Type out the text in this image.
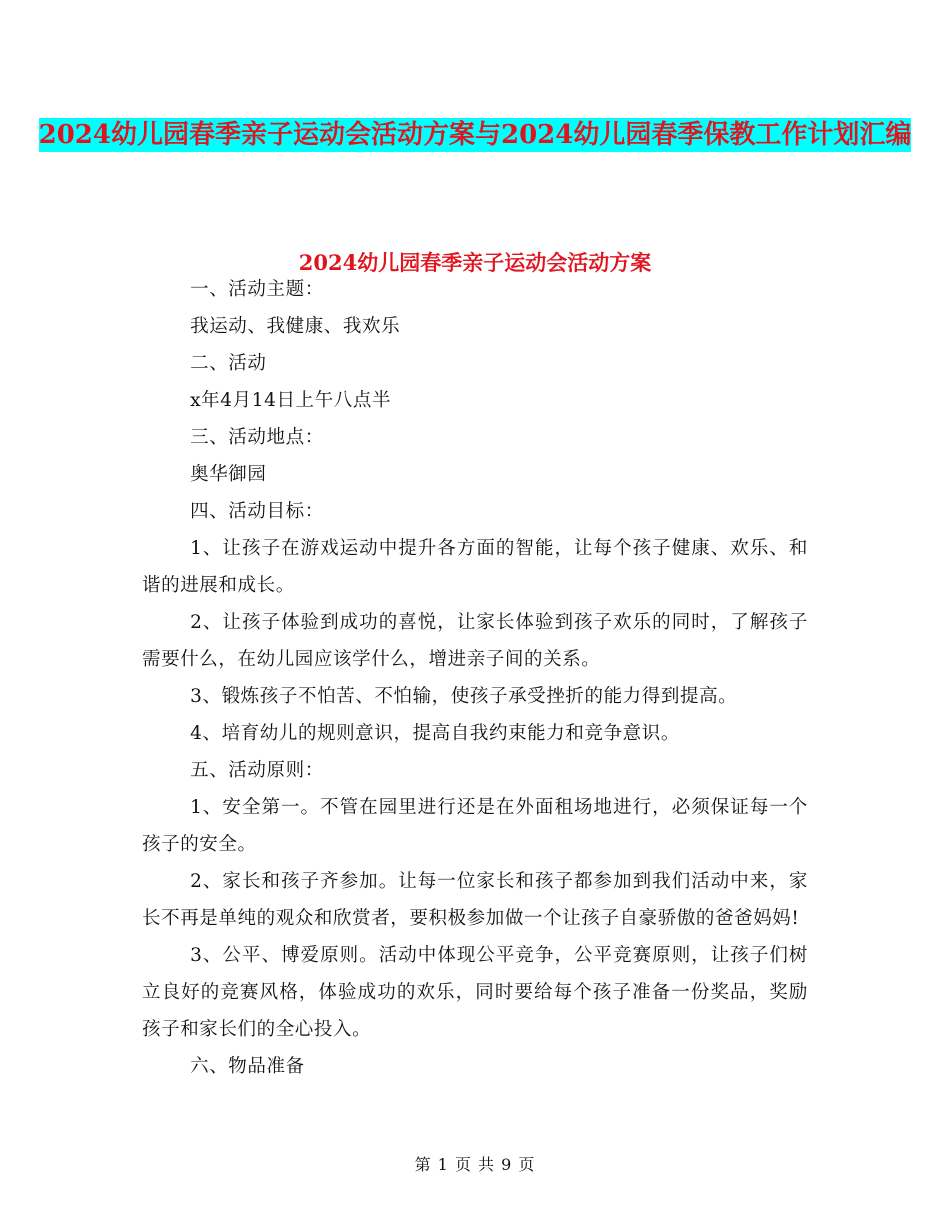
2024幼儿园春季亲子运动会活动方案与2024幼儿园春季保教工作计划汇编
2024幼儿园春季亲子运动会活动方案

一、活动主题：

我运动、我健康、我欢乐

二、活动

x年4月14日上午八点半

三、活动地点：

奥华御园

四、活动目标：

1、让孩子在游戏运动中提升各方面的智能，让每个孩子健康、欢乐、和谐的进展和成长。

2、让孩子体验到成功的喜悦，让家长体验到孩子欢乐的同时，了解孩子需要什么，在幼儿园应该学什么，增进亲子间的关系。

3、锻炼孩子不怕苦、不怕输，使孩子承受挫折的能力得到提高。

4、培育幼儿的规则意识，提高自我约束能力和竞争意识。

五、活动原则：

1、安全第一。不管在园里进行还是在外面租场地进行，必须保证每一个孩子的安全。

2、家长和孩子齐参加。让每一位家长和孩子都参加到我们活动中来，家长不再是单纯的观众和欣赏者，要积极参加做一个让孩子自豪骄傲的爸爸妈妈!

3、公平、博爱原则。活动中体现公平竞争，公平竞赛原则，让孩子们树立良好的竞赛风格，体验成功的欢乐，同时要给每个孩子准备一份奖品，奖励孩子和家长们的全心投入。

六、物品准备

第 1 页 共 9 页
